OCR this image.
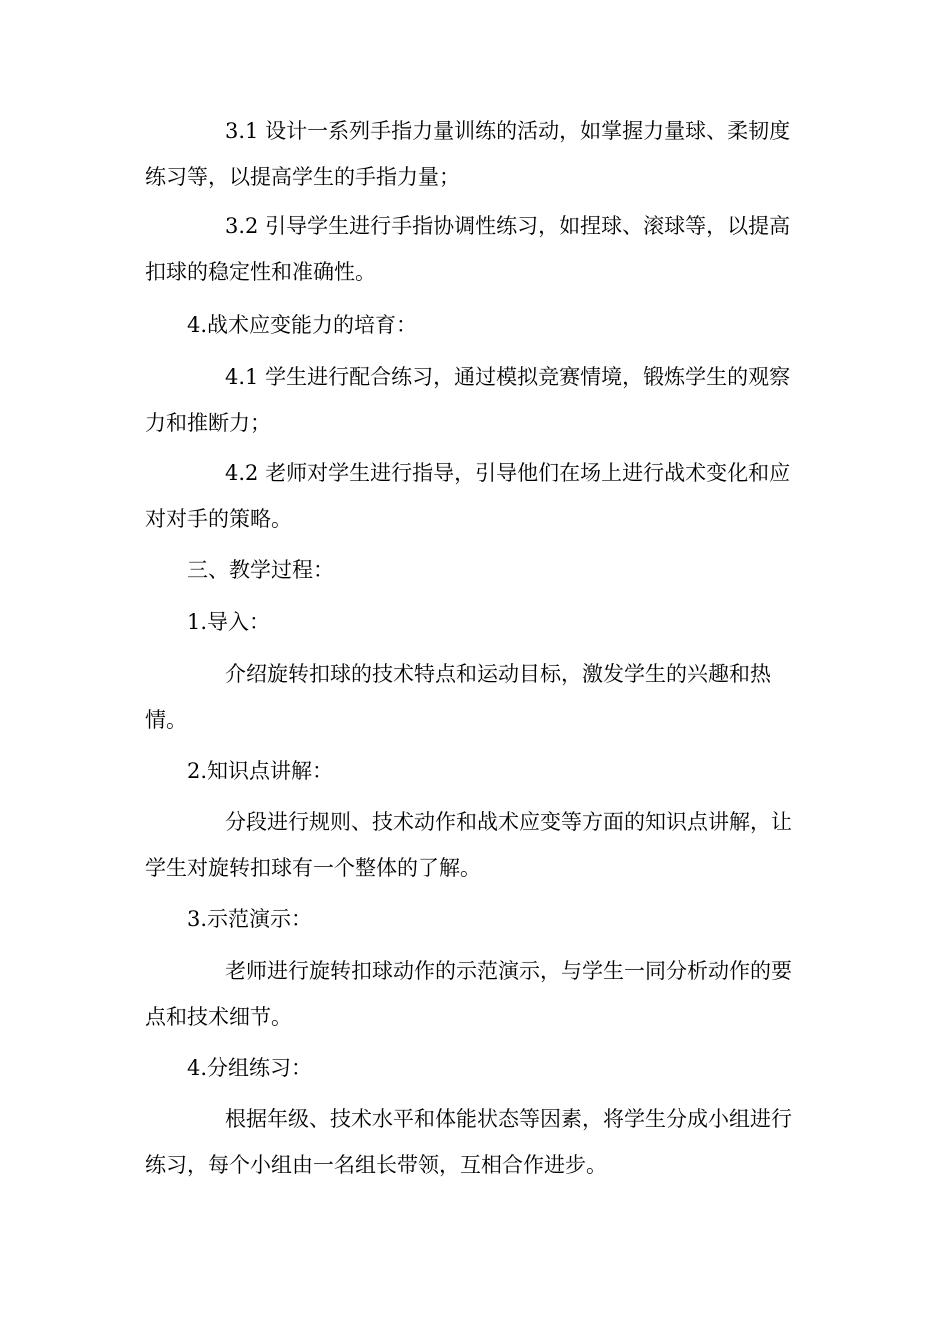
3.1 设计一系列手指力量训练的活动，如掌握力量球、柔韧度练习等，以提高学生的手指力量；

3.2 引导学生进行手指协调性练习，如捏球、滚球等，以提高扣球的稳定性和准确性。

4.战术应变能力的培育：

4.1 学生进行配合练习，通过模拟竞赛情境，锻炼学生的观察力和推断力；

4.2 老师对学生进行指导，引导他们在场上进行战术变化和应对对手的策略。

三、教学过程：

1.导入：

介绍旋转扣球的技术特点和运动目标，激发学生的兴趣和热情。

2.知识点讲解：

分段进行规则、技术动作和战术应变等方面的知识点讲解，让学生对旋转扣球有一个整体的了解。

3.示范演示：

老师进行旋转扣球动作的示范演示，与学生一同分析动作的要点和技术细节。

4.分组练习：

根据年级、技术水平和体能状态等因素，将学生分成小组进行练习，每个小组由一名组长带领，互相合作进步。
